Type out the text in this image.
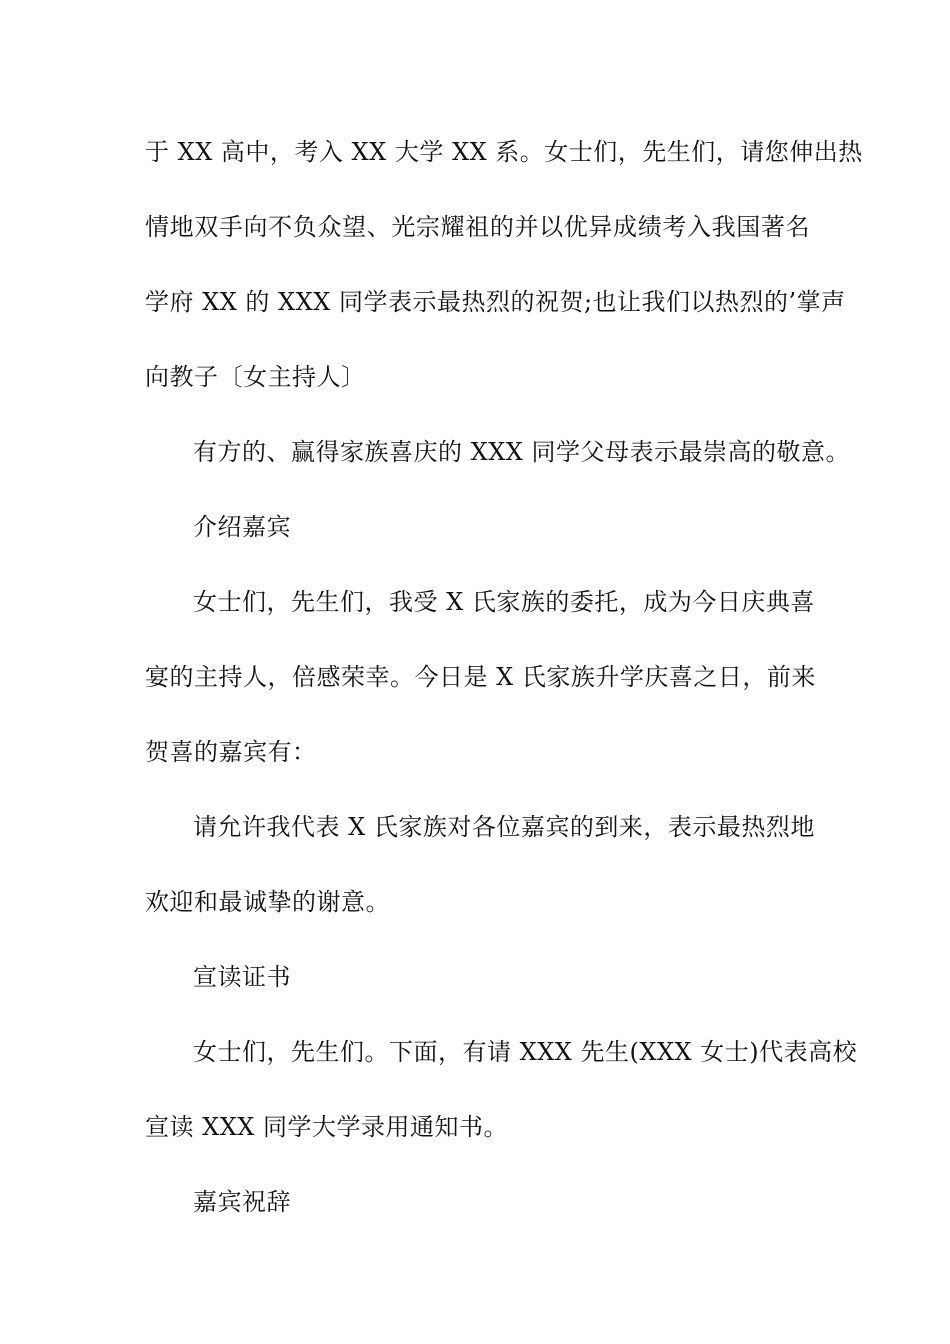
于 XX 高中，考入 XX 大学 XX 系。女士们，先生们，请您伸出热
情地双手向不负众望、光宗耀祖的并以优异成绩考入我国著名
学府 XX 的 XXX 同学表示最热烈的祝贺;也让我们以热烈的’掌声
向教子〔女主持人〕
有方的、赢得家族喜庆的 XXX 同学父母表示最崇高的敬意。
介绍嘉宾
女士们，先生们，我受 X 氏家族的委托，成为今日庆典喜
宴的主持人，倍感荣幸。今日是 X 氏家族升学庆喜之日，前来
贺喜的嘉宾有：
请允许我代表 X 氏家族对各位嘉宾的到来，表示最热烈地
欢迎和最诚挚的谢意。
宣读证书
女士们，先生们。下面，有请 XXX 先生(XXX 女士)代表高校
宣读 XXX 同学大学录用通知书。
嘉宾祝辞
